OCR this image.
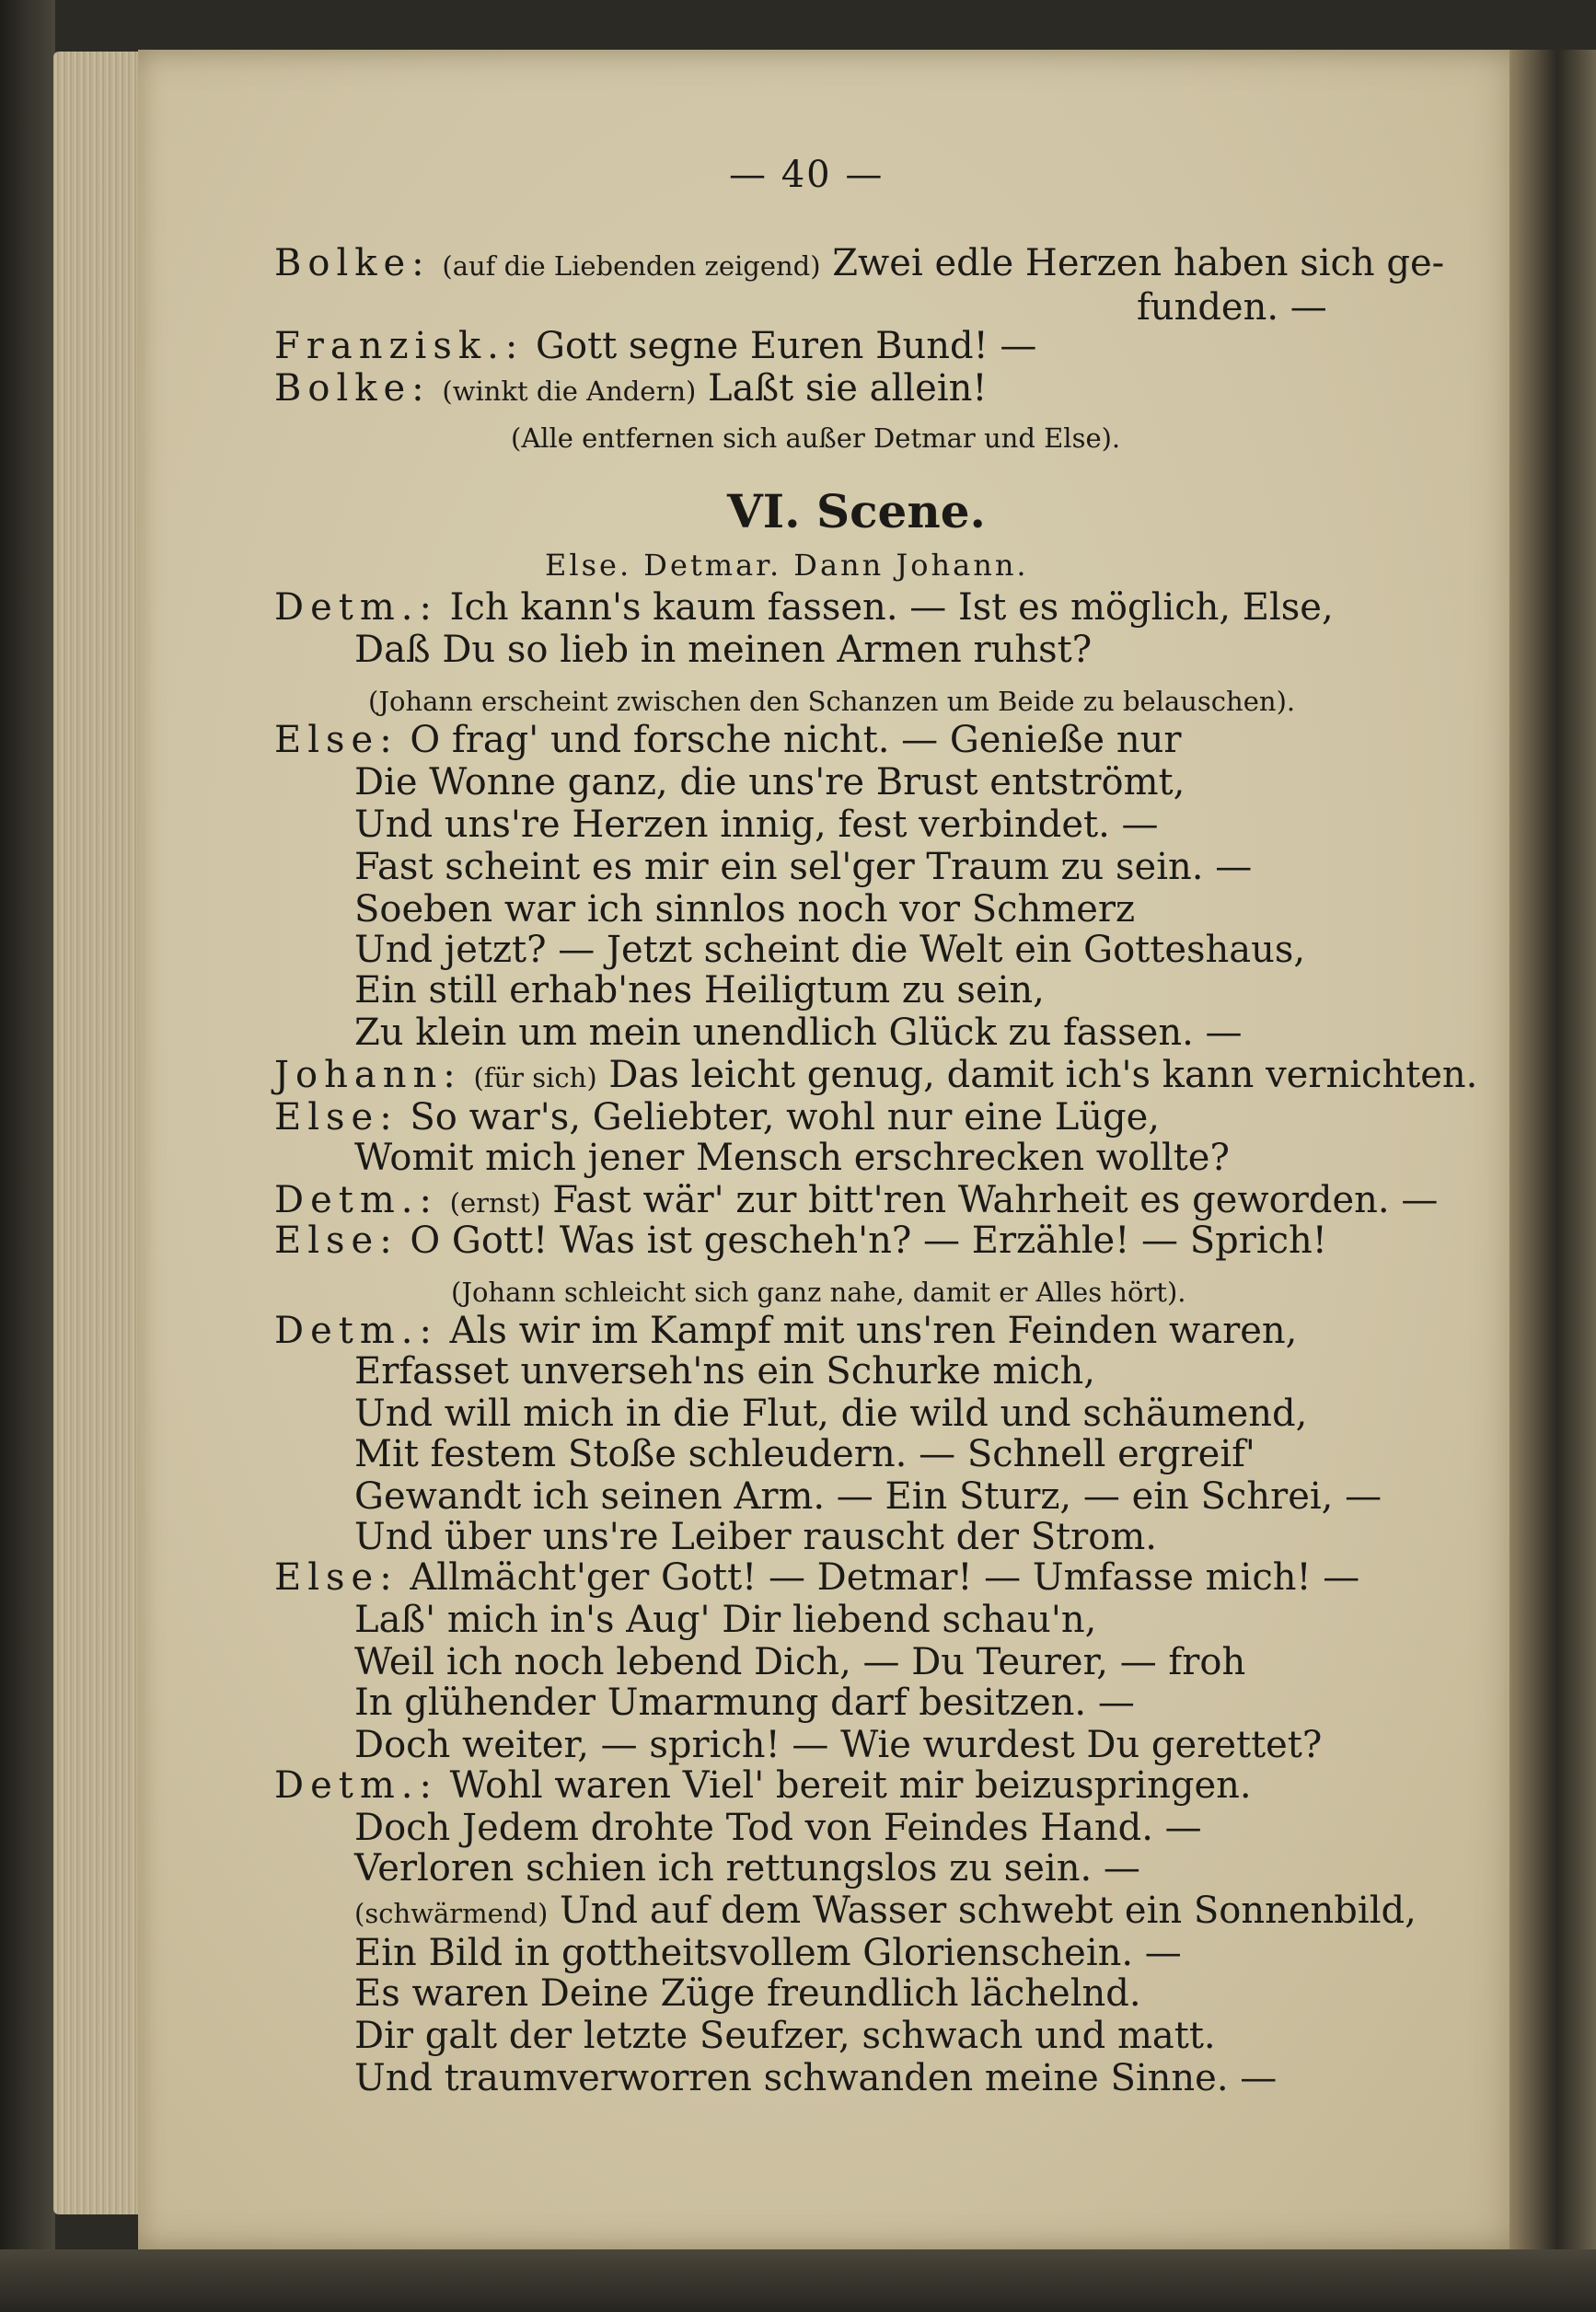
— 40 —
Bolke: (auf die Liebenden zeigend) Zwei edle Herzen haben sich ge-
funden. —
Franzisk.: Gott segne Euren Bund! —
Bolke: (winkt die Andern) Laßt sie allein!
(Alle entfernen sich außer Detmar und Else).
VI. Scene.
Else. Detmar. Dann Johann.
Detm.: Ich kann's kaum fassen. — Ist es möglich, Else,
Daß Du so lieb in meinen Armen ruhst?
(Johann erscheint zwischen den Schanzen um Beide zu belauschen).
Else: O frag' und forsche nicht. — Genieße nur
Die Wonne ganz, die uns're Brust entströmt,
Und uns're Herzen innig, fest verbindet. —
Fast scheint es mir ein sel'ger Traum zu sein. —
Soeben war ich sinnlos noch vor Schmerz
Und jetzt? — Jetzt scheint die Welt ein Gotteshaus,
Ein still erhab'nes Heiligtum zu sein,
Zu klein um mein unendlich Glück zu fassen. —
Johann: (für sich) Das leicht genug, damit ich's kann vernichten.
Else: So war's, Geliebter, wohl nur eine Lüge,
Womit mich jener Mensch erschrecken wollte?
Detm.: (ernst) Fast wär' zur bitt'ren Wahrheit es geworden. —
Else: O Gott! Was ist gescheh'n? — Erzähle! — Sprich!
(Johann schleicht sich ganz nahe, damit er Alles hört).
Detm.: Als wir im Kampf mit uns'ren Feinden waren,
Erfasset unverseh'ns ein Schurke mich,
Und will mich in die Flut, die wild und schäumend,
Mit festem Stoße schleudern. — Schnell ergreif'
Gewandt ich seinen Arm. — Ein Sturz, — ein Schrei, —
Und über uns're Leiber rauscht der Strom.
Else: Allmächt'ger Gott! — Detmar! — Umfasse mich! —
Laß' mich in's Aug' Dir liebend schau'n,
Weil ich noch lebend Dich, — Du Teurer, — froh
In glühender Umarmung darf besitzen. —
Doch weiter, — sprich! — Wie wurdest Du gerettet?
Detm.: Wohl waren Viel' bereit mir beizuspringen.
Doch Jedem drohte Tod von Feindes Hand. —
Verloren schien ich rettungslos zu sein. —
(schwärmend) Und auf dem Wasser schwebt ein Sonnenbild,
Ein Bild in gottheitsvollem Glorienschein. —
Es waren Deine Züge freundlich lächelnd.
Dir galt der letzte Seufzer, schwach und matt.
Und traumverworren schwanden meine Sinne. —
